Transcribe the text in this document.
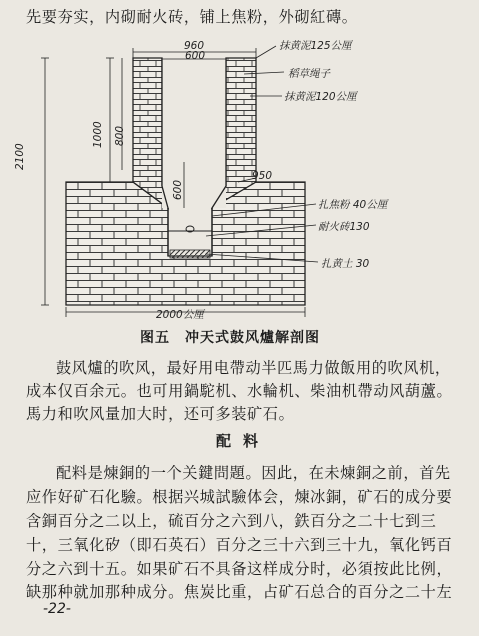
先要夯实，内砌耐火砖，铺上焦粉，外砌紅磚。
960
600
抹黄泥125公厘
稻草绳子
抹黄泥120公厘
2100
1000 800
600
950
扎焦粉 40公厘
耐火砖130
扎黄土 30
2000公厘
图五　冲天式鼓风爐解剖图
鼓风爐的吹风，最好用电帶动半匹馬力做飯用的吹风机，
成本仅百余元。也可用鍋駝机、水輪机、柴油机帶动风葫蘆。
馬力和吹风量加大时，还可多装矿石。
配料
配料是煉銅的一个关鍵問題。因此，在未煉銅之前，首先
应作好矿石化驗。根据兴城試驗体会，煉冰銅，矿石的成分要
含銅百分之二以上，硫百分之六到八，鉄百分之二十七到三
十，三氧化矽（即石英石）百分之三十六到三十九，氧化钙百
分之六到十五。如果矿石不具备这样成分时，必須按此比例，
缺那种就加那种成分。焦炭比重，占矿石总合的百分之二十左
-22-
